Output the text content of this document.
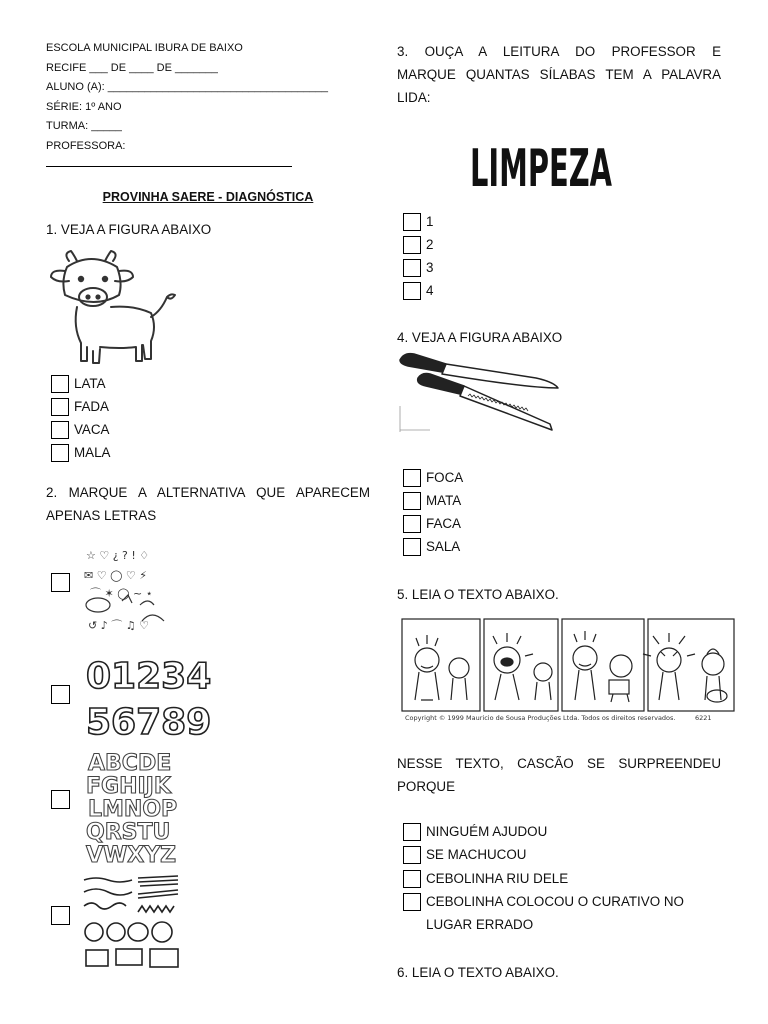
ESCOLA MUNICIPAL IBURA DE BAIXO
RECIFE ___ DE ____ DE _______
ALUNO (A): ____________________________________
SÉRIE: 1º ANO
TURMA: _____
PROFESSORA:
PROVINHA SAERE - DIAGNÓSTICA
1. VEJA A FIGURA ABAIXO
LATA
FADA
VACA
MALA
2. MARQUE A ALTERNATIVA QUE APARECEM
APENAS LETRAS
☆ ♡ ¿ ? ! ♢
✉ ♡ ◯ ♡ ⚡
⌒ ✶ ◯ ~ ⋆
↺ ♪ ⌒ ♫ ♡
01234
56789
ABCDE
FGHIJK
LMNOP
QRSTU
VWXYZ
3. OUÇA A LEITURA DO PROFESSOR E
MARQUE QUANTAS SÍLABAS TEM A PALAVRA
LIDA:
LIMPEZA
1
2
3
4
4. VEJA A FIGURA ABAIXO
FOCA
MATA
FACA
SALA
5. LEIA O TEXTO ABAIXO.
Copyright © 1999 Mauricio de Sousa Produções Ltda. Todos os direitos reservados.	6221
NESSE TEXTO, CASCÃO SE SURPREENDEU
PORQUE
NINGUÉM AJUDOU
SE MACHUCOU
CEBOLINHA RIU DELE
CEBOLINHA COLOCOU O CURATIVO NO
LUGAR ERRADO
6. LEIA O TEXTO ABAIXO.
